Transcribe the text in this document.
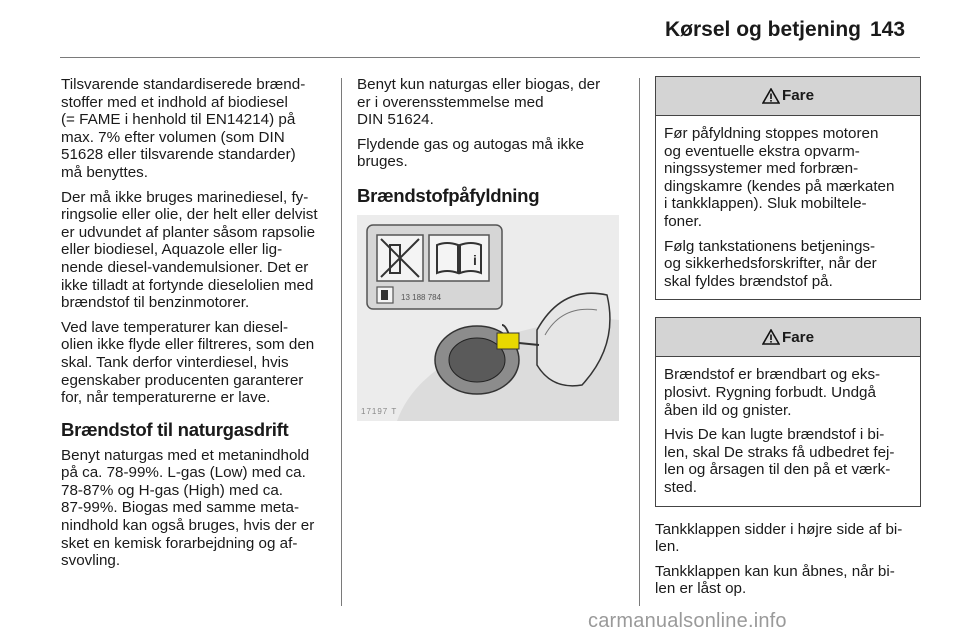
Kørsel og betjening 143

Tilsvarende standardiserede brænd-
stoffer med et indhold af biodiesel
(= FAME i henhold til EN14214) på
max. 7% efter volumen (som DIN
51628 eller tilsvarende standarder)
må benyttes.

Der må ikke bruges marinediesel, fy-
ringsolie eller olie, der helt eller delvist
er udvundet af planter såsom rapsolie
eller biodiesel, Aquazole eller lig-
nende diesel-vandemulsioner. Det er
ikke tilladt at fortynde dieselolien med
brændstof til benzinmotorer.

Ved lave temperaturer kan diesel-
olien ikke flyde eller filtreres, som den
skal. Tank derfor vinterdiesel, hvis
egenskaber producenten garanterer
for, når temperaturerne er lave.

Brændstof til naturgasdrift

Benyt naturgas med et metanindhold
på ca. 78-99%. L-gas (Low) med ca.
78-87% og H-gas (High) med ca.
87-99%. Biogas med samme meta-
nindhold kan også bruges, hvis der er
sket en kemisk forarbejdning og af-
svovling.

Benyt kun naturgas eller biogas, der
er i overensstemmelse med
DIN 51624.

Flydende gas og autogas må ikke
bruges.

Brændstofpåfyldning
i
13 188 784
17197 T
Fare

Før påfyldning stoppes motoren
og eventuelle ekstra opvarm-
ningssystemer med forbræn-
dingskamre (kendes på mærkaten
i tankklappen). Sluk mobiltele-
foner.

Følg tankstationens betjenings-
og sikkerhedsforskrifter, når der
skal fyldes brændstof på.

Fare

Brændstof er brændbart og eks-
plosivt. Rygning forbudt. Undgå
åben ild og gnister.

Hvis De kan lugte brændstof i bi-
len, skal De straks få udbedret fej-
len og årsagen til den på et værk-
sted.

Tankklappen sidder i højre side af bi-
len.

Tankklappen kan kun åbnes, når bi-
len er låst op.

carmanualsonline.info
